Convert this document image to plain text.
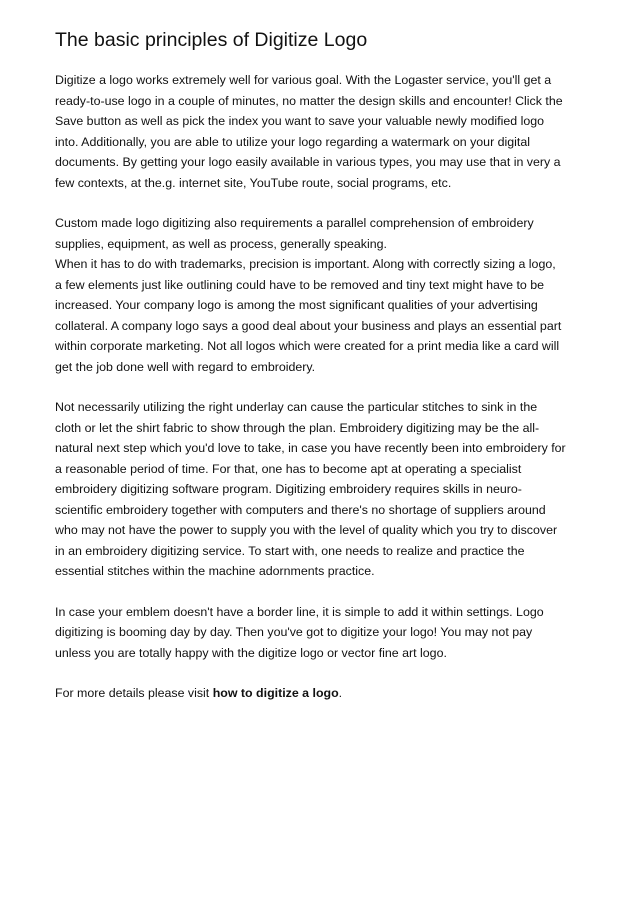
The basic principles of Digitize Logo
Digitize a logo works extremely well for various goal. With the Logaster service, you'll get a
ready-to-use logo in a couple of minutes, no matter the design skills and encounter! Click the
Save button as well as pick the index you want to save your valuable newly modified logo
into. Additionally, you are able to utilize your logo regarding a watermark on your digital
documents. By getting your logo easily available in various types, you may use that in very a
few contexts, at the.g. internet site, YouTube route, social programs, etc.
Custom made logo digitizing also requirements a parallel comprehension of embroidery
supplies, equipment, as well as process, generally speaking.
When it has to do with trademarks, precision is important. Along with correctly sizing a logo,
a few elements just like outlining could have to be removed and tiny text might have to be
increased. Your company logo is among the most significant qualities of your advertising
collateral. A company logo says a good deal about your business and plays an essential part
within corporate marketing. Not all logos which were created for a print media like a card will
get the job done well with regard to embroidery.
Not necessarily utilizing the right underlay can cause the particular stitches to sink in the
cloth or let the shirt fabric to show through the plan. Embroidery digitizing may be the all-
natural next step which you'd love to take, in case you have recently been into embroidery for
a reasonable period of time. For that, one has to become apt at operating a specialist
embroidery digitizing software program. Digitizing embroidery requires skills in neuro-
scientific embroidery together with computers and there's no shortage of suppliers around
who may not have the power to supply you with the level of quality which you try to discover
in an embroidery digitizing service. To start with, one needs to realize and practice the
essential stitches within the machine adornments practice.
In case your emblem doesn't have a border line, it is simple to add it within settings. Logo
digitizing is booming day by day. Then you've got to digitize your logo! You may not pay
unless you are totally happy with the digitize logo or vector fine art logo.
For more details please visit how to digitize a logo.
